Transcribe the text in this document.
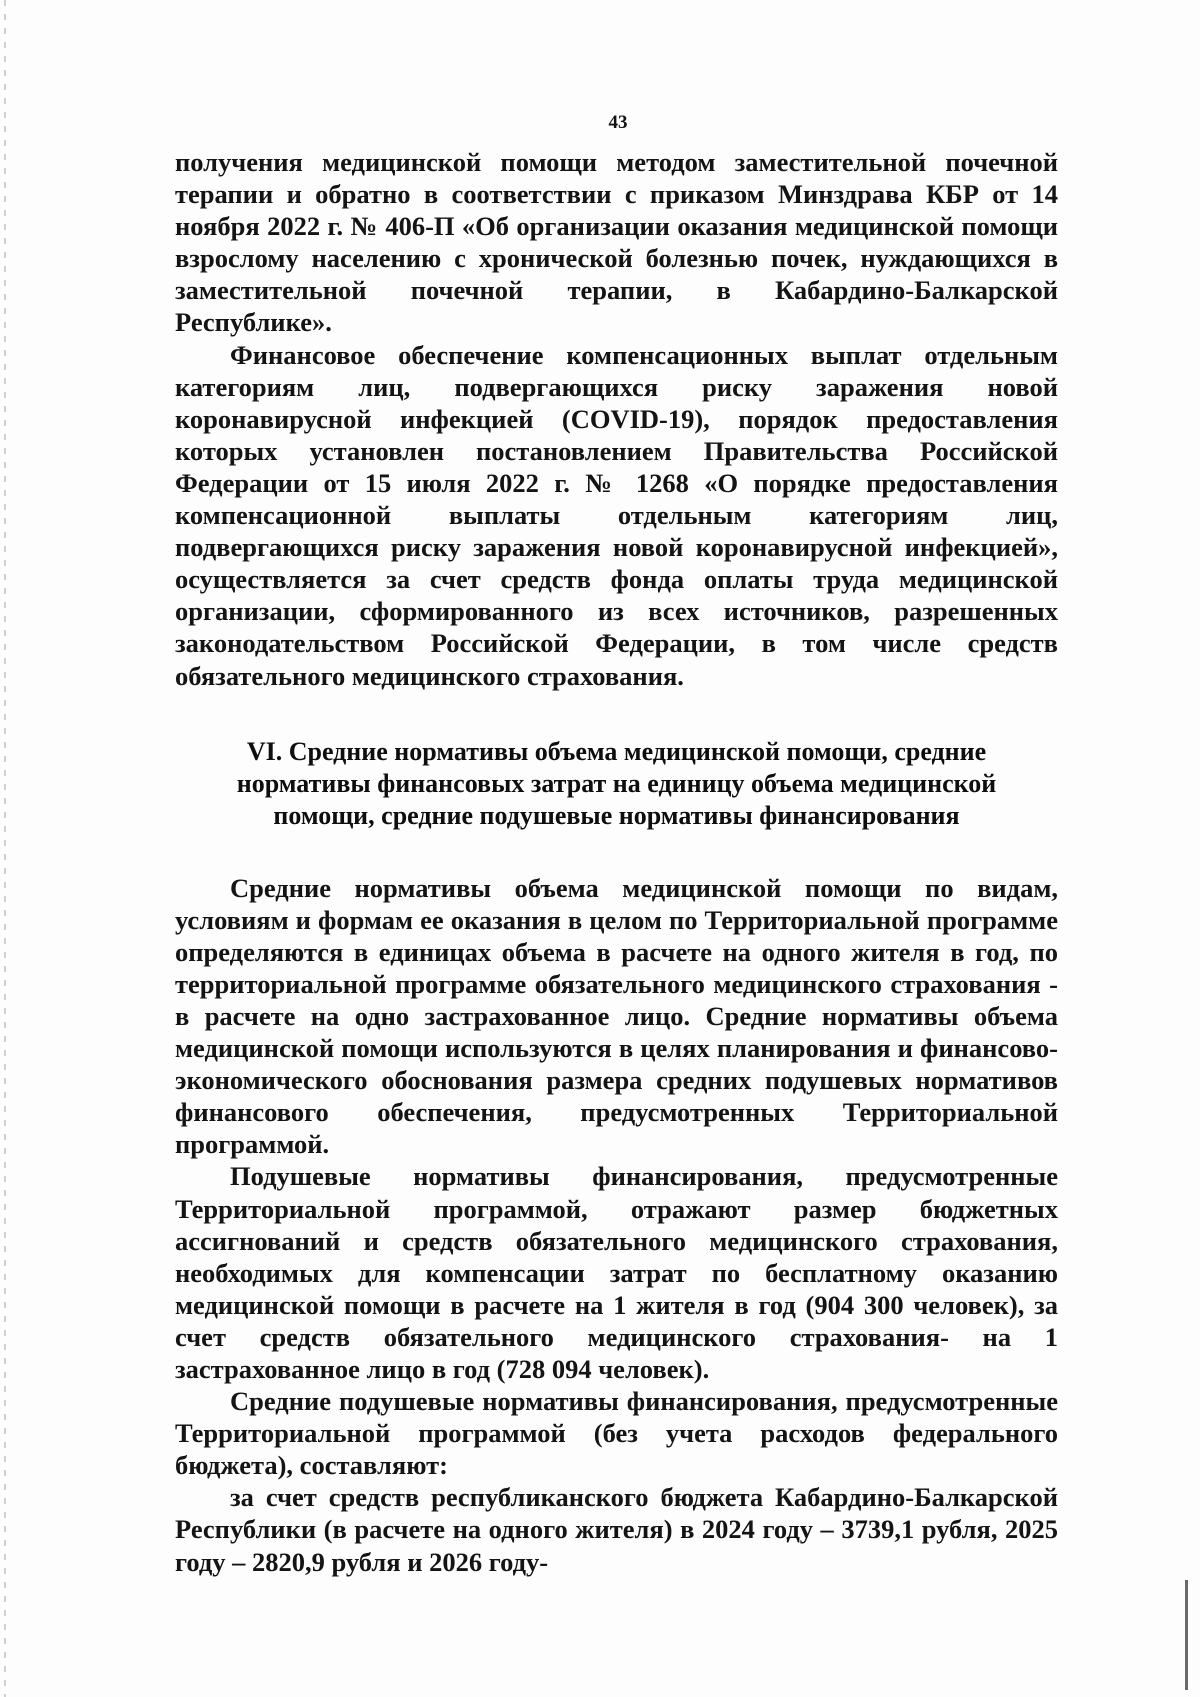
43

получения медицинской помощи методом заместительной почечной терапии и обратно в соответствии с приказом Минздрава КБР от 14 ноября 2022 г. № 406-П «Об организации оказания медицинской помощи взрослому населению с хронической болезнью почек, нуждающихся в заместительной почечной терапии, в Кабардино-Балкарской Республике».

Финансовое обеспечение компенсационных выплат отдельным категориям лиц, подвергающихся риску заражения новой коронавирусной инфекцией (COVID-19), порядок предоставления которых установлен постановлением Правительства Российской Федерации от 15 июля 2022 г. № 1268 «О порядке предоставления компенсационной выплаты отдельным категориям лиц, подвергающихся риску заражения новой коронавирусной инфекцией», осуществляется за счет средств фонда оплаты труда медицинской организации, сформированного из всех источников, разрешенных законодательством Российской Федерации, в том числе средств обязательного медицинского страхования.

VI. Средние нормативы объема медицинской помощи, средние
нормативы финансовых затрат на единицу объема медицинской
помощи, средние подушевые нормативы финансирования

Средние нормативы объема медицинской помощи по видам, условиям и формам ее оказания в целом по Территориальной программе определяются в единицах объема в расчете на одного жителя в год, по территориальной программе обязательного медицинского страхования - в расчете на одно застрахованное лицо. Средние нормативы объема медицинской помощи используются в целях планирования и финансово-экономического обоснования размера средних подушевых нормативов финансового обеспечения, предусмотренных Территориальной программой.

Подушевые нормативы финансирования, предусмотренные Территориальной программой, отражают размер бюджетных ассигнований и средств обязательного медицинского страхования, необходимых для компенсации затрат по бесплатному оказанию медицинской помощи в расчете на 1 жителя в год (904 300 человек), за счет средств обязательного медицинского страхования- на 1 застрахованное лицо в год (728 094 человек).

Средние подушевые нормативы финансирования, предусмотренные Территориальной программой (без учета расходов федерального бюджета), составляют:

за счет средств республиканского бюджета Кабардино-Балкарской Республики (в расчете на одного жителя) в 2024 году – 3739,1 рубля, 2025 году – 2820,9 рубля и 2026 году-
